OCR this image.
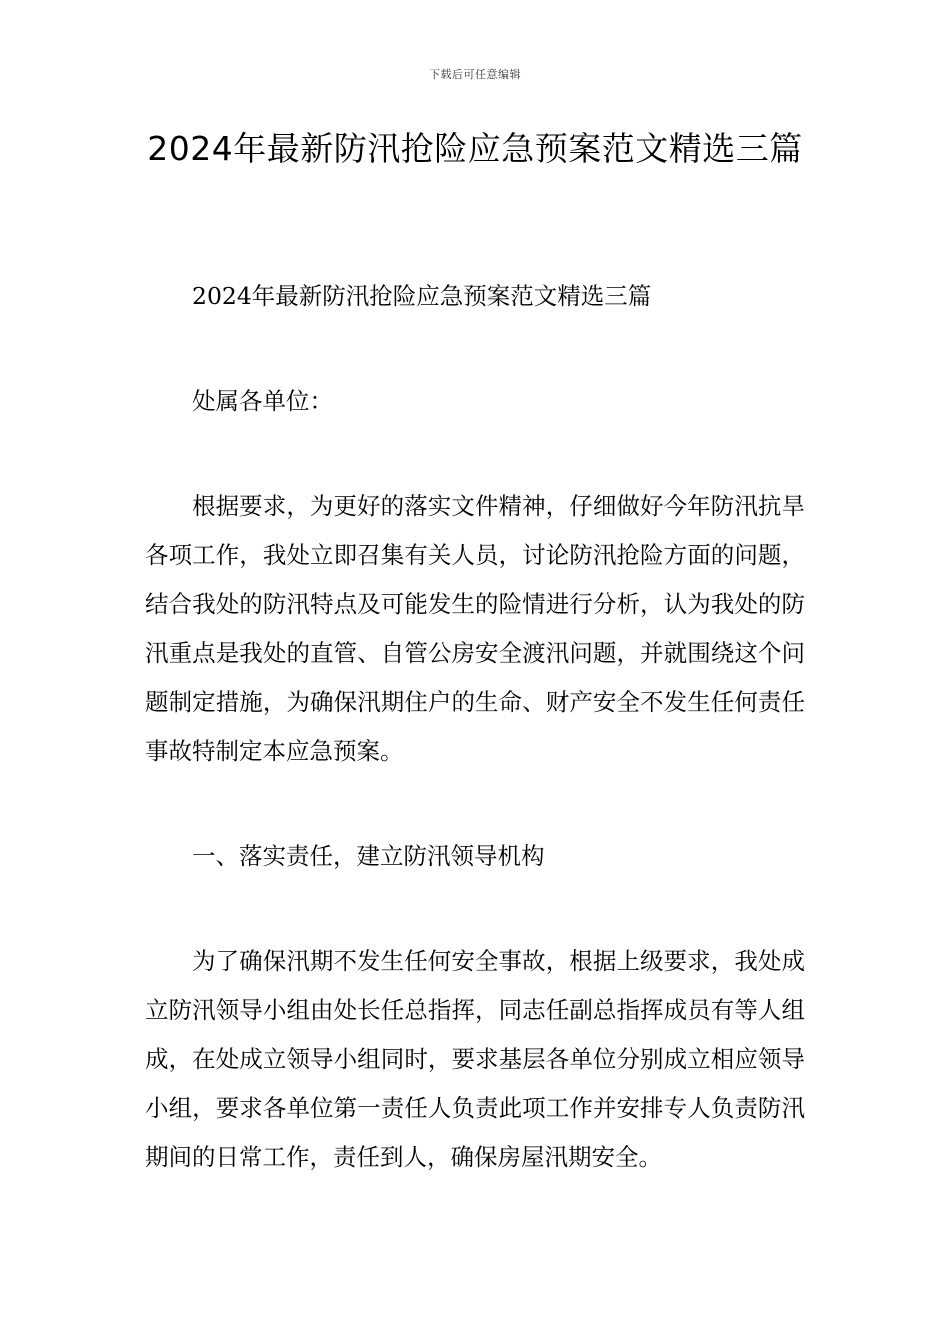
下载后可任意编辑
2024年最新防汛抢险应急预案范文精选三篇

2024年最新防汛抢险应急预案范文精选三篇

处属各单位：

根据要求，为更好的落实文件精神，仔细做好今年防汛抗旱各项工作，我处立即召集有关人员，讨论防汛抢险方面的问题，结合我处的防汛特点及可能发生的险情进行分析，认为我处的防汛重点是我处的直管、自管公房安全渡汛问题，并就围绕这个问题制定措施，为确保汛期住户的生命、财产安全不发生任何责任事故特制定本应急预案。

一、落实责任，建立防汛领导机构

为了确保汛期不发生任何安全事故，根据上级要求，我处成立防汛领导小组由处长任总指挥，同志任副总指挥成员有等人组成，在处成立领导小组同时，要求基层各单位分别成立相应领导小组，要求各单位第一责任人负责此项工作并安排专人负责防汛期间的日常工作，责任到人，确保房屋汛期安全。
